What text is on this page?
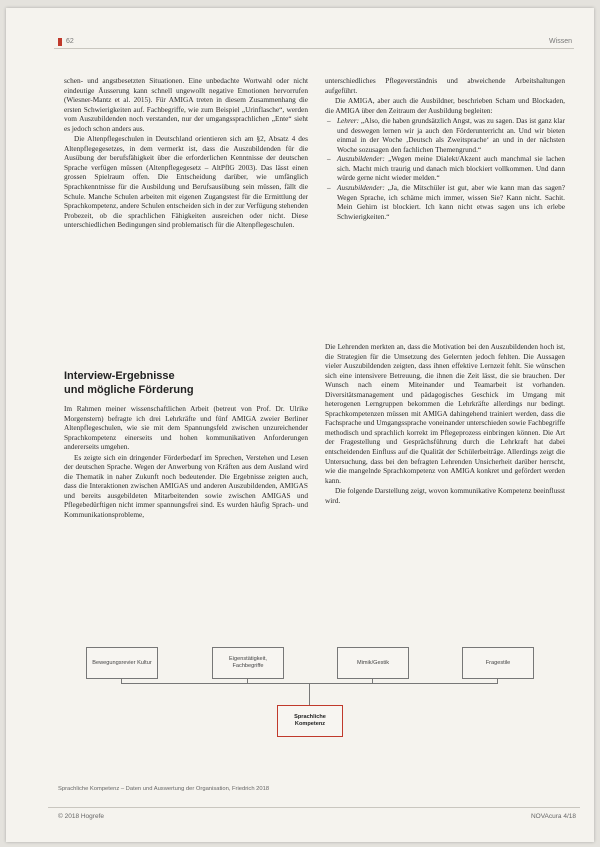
62	Wissen

schen- und angstbesetzten Situationen. Eine unbedachte Wortwahl oder nicht eindeutige Äusserung kann schnell ungewollt negative Emotionen hervorrufen (Wiesner-Mantz et al. 2015). Für AMIGA treten in diesem Zusammenhang die ersten Schwierigkeiten auf. Fachbegriffe, wie zum Beispiel „Urinflasche“, werden vom Auszubildenden noch verstanden, nur der umgangssprachlichen „Ente“ sieht es jedoch schon anders aus.

Die Altenpflegeschulen in Deutschland orientieren sich am §2, Absatz 4 des Altenpflegegesetzes, in dem vermerkt ist, dass die Auszubildenden für die Ausübung der berufsfähigkeit über die erforderlichen Kenntnisse der deutschen Sprache verfügen müssen (Altenpflegegesetz – AltPflG 2003). Das lässt einen grossen Spielraum offen. Die Entscheidung darüber, wie umfänglich Sprachkenntnisse für die Ausbildung und Berufsausübung sein müssen, fällt die Schule. Manche Schulen arbeiten mit eigenen Zugangstest für die Ermittlung der Sprachkompetenz, andere Schulen entscheiden sich in der zur Verfügung stehenden Probezeit, ob die sprachlichen Fähigkeiten ausreichen oder nicht. Diese unterschiedlichen Bedingungen sind problematisch für die Altenpflegeschulen.

Interview-Ergebnisse
und mögliche Förderung

Im Rahmen meiner wissenschaftlichen Arbeit (betreut von Prof. Dr. Ulrike Morgenstern) befragte ich drei Lehrkräfte und fünf AMIGA zweier Berliner Altenpflegeschulen, wie sie mit dem Spannungsfeld zwischen unzureichender Sprachkompetenz einerseits und hohen kommunikativen Anforderungen andererseits umgehen.

Es zeigte sich ein dringender Förderbedarf im Sprechen, Verstehen und Lesen der deutschen Sprache. Wegen der Anwerbung von Kräften aus dem Ausland wird die Thematik in naher Zukunft noch bedeutender. Die Ergebnisse zeigten auch, dass die Interaktionen zwischen AMIGAS und anderen Auszubildenden, AMIGAS und bereits ausgebildeten Mitarbeitenden sowie zwischen AMIGAS und Pflegebedürftigen nicht immer spannungsfrei sind. Es wurden häufig Sprach- und Kommunikationsprobleme,

unterschiedliches Pflegeverständnis und abweichende Arbeitshaltungen aufgeführt.

Die AMIGA, aber auch die Ausbildner, beschrieben Scham und Blockaden, die AMIGA über den Zeitraum der Ausbildung begleiten:

– Lehrer: „Also, die haben grundsätzlich Angst, was zu sagen. Das ist ganz klar und deswegen lernen wir ja auch den Förderunterricht an. Und wir bieten einmal in der Woche ‚Deutsch als Zweitsprache‘ an und in der nächsten Woche sozusagen den fachlichen Themengrund.“
– Auszubildender: „Wegen meine Dialekt/Akzent auch manchmal sie lachen sich. Macht mich traurig und danach mich blockiert vollkommen. Und dann würde gerne nicht wieder melden.“
– Auszubildender: „Ja, die Mitschüler ist gut, aber wie kann man das sagen? Wegen Sprache, ich schäme mich immer, wissen Sie? Kann nicht. Sachit. Mein Gehirn ist blockiert. Ich kann nicht etwas sagen uns ich erlebe Schwierigkeiten.“

Die Lehrenden merkten an, dass die Motivation bei den Auszubildenden hoch ist, die Strategien für die Umsetzung des Gelernten jedoch fehlten. Die Aussagen vieler Auszubildenden zeigten, dass ihnen effektive Lernzeit fehlt. Sie wünschen sich eine intensivere Betreuung, die ihnen die Zeit lässt, die sie brauchen. Der Wunsch nach einem Miteinander und Teamarbeit ist vorhanden. Diversitätsmanagement und pädagogisches Geschick im Umgang mit heterogenen Lerngruppen bekommen die Lehrkräfte allerdings nur bedingt. Sprachkompetenzen müssen mit AMIGA dahingehend trainiert werden, dass die Fachsprache und Umgangssprache voneinander unterschieden sowie Fachbegriffe methodisch und sprachlich korrekt im Pflegeprozess einbringen können. Die Art der Fragestellung und Gesprächsführung durch die Lehrkraft hat dabei entscheidenden Einfluss auf die Qualität der Schülerbeiträge. Allerdings zeigt die Untersuchung, dass bei den befragten Lehrenden Unsicherheit darüber herrscht, wie die mangelnde Sprachkompetenz von AMIGA konkret und gefördert werden kann.

Die folgende Darstellung zeigt, wovon kommunikative Kompetenz beeinflusst wird.

Bewegungsrevier Kultur
Eigenstätigkeit, Fachbegriffe
Mimik/Gestik	Fragestile
Sprachliche Kompetenz
Sprachliche Kompetenz – Daten und Auswertung der Organisation, Friedrich 2018
© 2018 Hogrefe	NOVAcura 4/18
